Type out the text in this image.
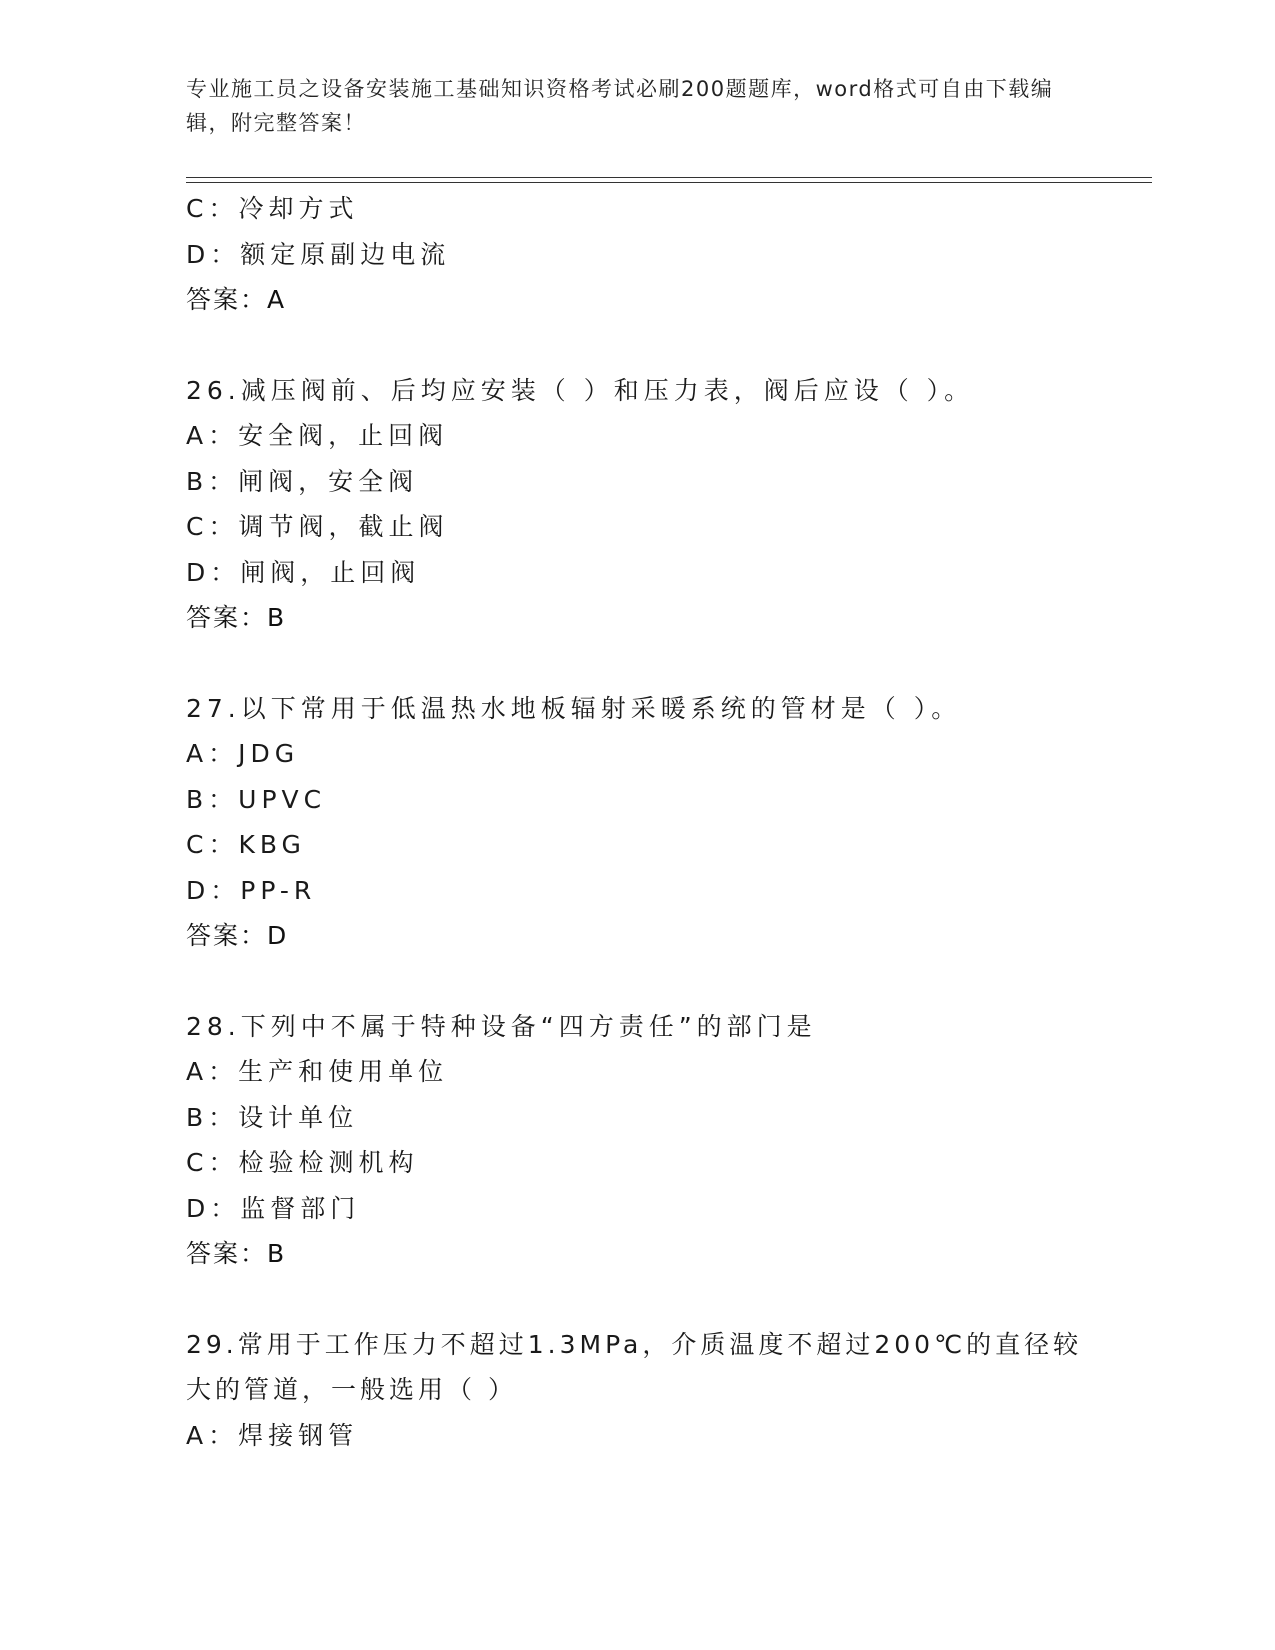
专业施工员之设备安装施工基础知识资格考试必刷200题题库，word格式可自由下载编辑，附完整答案！
C：冷却方式
D：额定原副边电流
答案：A
26.减压阀前、后均应安装（ ）和压力表，阀后应设（ ）。
A：安全阀，止回阀
B：闸阀，安全阀
C：调节阀，截止阀
D：闸阀，止回阀
答案：B
27.以下常用于低温热水地板辐射采暖系统的管材是（ ）。
A：JDG
B：UPVC
C：KBG
D：PP-R
答案：D
28.下列中不属于特种设备“四方责任”的部门是
A：生产和使用单位
B：设计单位
C：检验检测机构
D：监督部门
答案：B
29.常用于工作压力不超过1.3MPa，介质温度不超过200℃的直径较大的管道，一般选用（ ）
A：焊接钢管
